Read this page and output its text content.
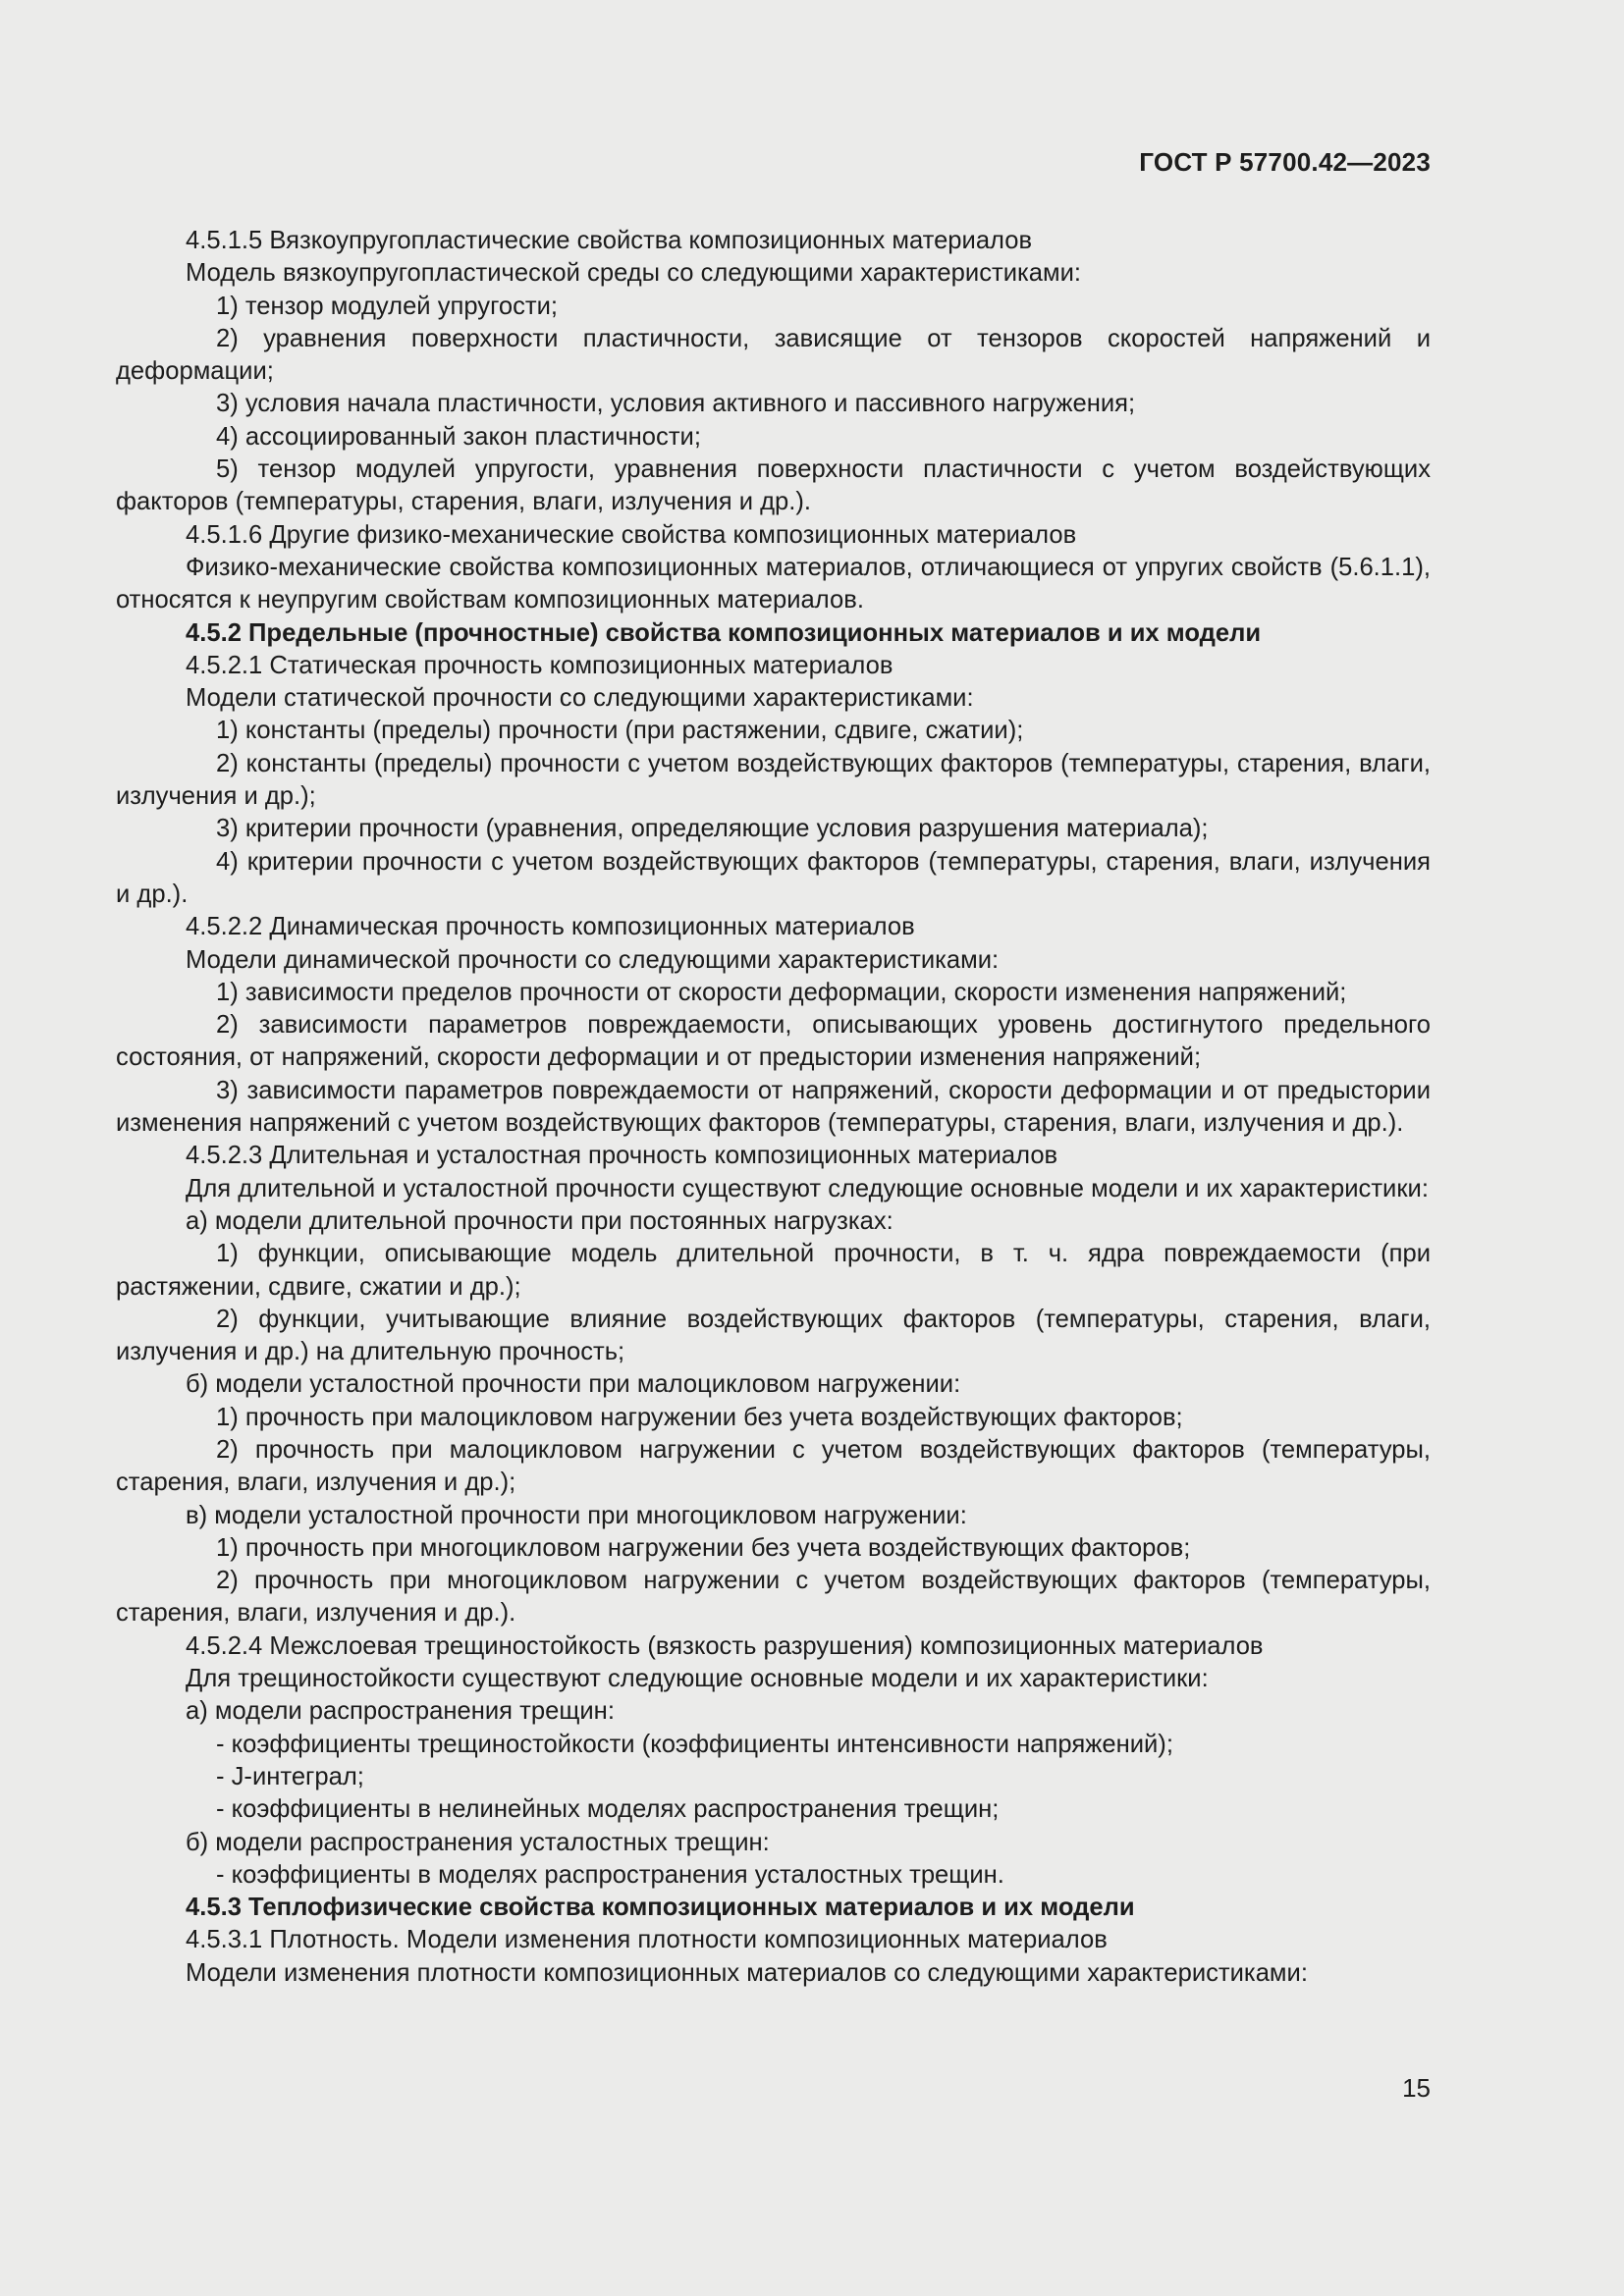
ГОСТ Р 57700.42—2023

4.5.1.5 Вязкоупругопластические свойства композиционных материалов

Модель вязкоупругопластической среды со следующими характеристиками:

1) тензор модулей упругости;

2) уравнения поверхности пластичности, зависящие от тензоров скоростей напряжений и деформации;

3) условия начала пластичности, условия активного и пассивного нагружения;

4) ассоциированный закон пластичности;

5) тензор модулей упругости, уравнения поверхности пластичности с учетом воздействующих факторов (температуры, старения, влаги, излучения и др.).

4.5.1.6 Другие физико-механические свойства композиционных материалов

Физико-механические свойства композиционных материалов, отличающиеся от упругих свойств (5.6.1.1), относятся к неупругим свойствам композиционных материалов.

4.5.2 Предельные (прочностные) свойства композиционных материалов и их модели

4.5.2.1 Статическая прочность композиционных материалов

Модели статической прочности со следующими характеристиками:

1) константы (пределы) прочности (при растяжении, сдвиге, сжатии);

2) константы (пределы) прочности с учетом воздействующих факторов (температуры, старения, влаги, излучения и др.);

3) критерии прочности (уравнения, определяющие условия разрушения материала);

4) критерии прочности с учетом воздействующих факторов (температуры, старения, влаги, излучения и др.).

4.5.2.2 Динамическая прочность композиционных материалов

Модели динамической прочности со следующими характеристиками:

1) зависимости пределов прочности от скорости деформации, скорости изменения напряжений;

2) зависимости параметров повреждаемости, описывающих уровень достигнутого предельного состояния, от напряжений, скорости деформации и от предыстории изменения напряжений;

3) зависимости параметров повреждаемости от напряжений, скорости деформации и от предыстории изменения напряжений с учетом воздействующих факторов (температуры, старения, влаги, излучения и др.).

4.5.2.3 Длительная и усталостная прочность композиционных материалов

Для длительной и усталостной прочности существуют следующие основные модели и их характеристики:

а) модели длительной прочности при постоянных нагрузках:

1) функции, описывающие модель длительной прочности, в т. ч. ядра повреждаемости (при растяжении, сдвиге, сжатии и др.);

2) функции, учитывающие влияние воздействующих факторов (температуры, старения, влаги, излучения и др.) на длительную прочность;

б) модели усталостной прочности при малоцикловом нагружении:

1) прочность при малоцикловом нагружении без учета воздействующих факторов;

2) прочность при малоцикловом нагружении с учетом воздействующих факторов (температуры, старения, влаги, излучения и др.);

в) модели усталостной прочности при многоцикловом нагружении:

1) прочность при многоцикловом нагружении без учета воздействующих факторов;

2) прочность при многоцикловом нагружении с учетом воздействующих факторов (температуры, старения, влаги, излучения и др.).

4.5.2.4 Межслоевая трещиностойкость (вязкость разрушения) композиционных материалов

Для трещиностойкости существуют следующие основные модели и их характеристики:

а) модели распространения трещин:

- коэффициенты трещиностойкости (коэффициенты интенсивности напряжений);

- J-интеграл;

- коэффициенты в нелинейных моделях распространения трещин;

б) модели распространения усталостных трещин:

- коэффициенты в моделях распространения усталостных трещин.

4.5.3 Теплофизические свойства композиционных материалов и их модели

4.5.3.1 Плотность. Модели изменения плотности композиционных материалов

Модели изменения плотности композиционных материалов со следующими характеристиками:

15
